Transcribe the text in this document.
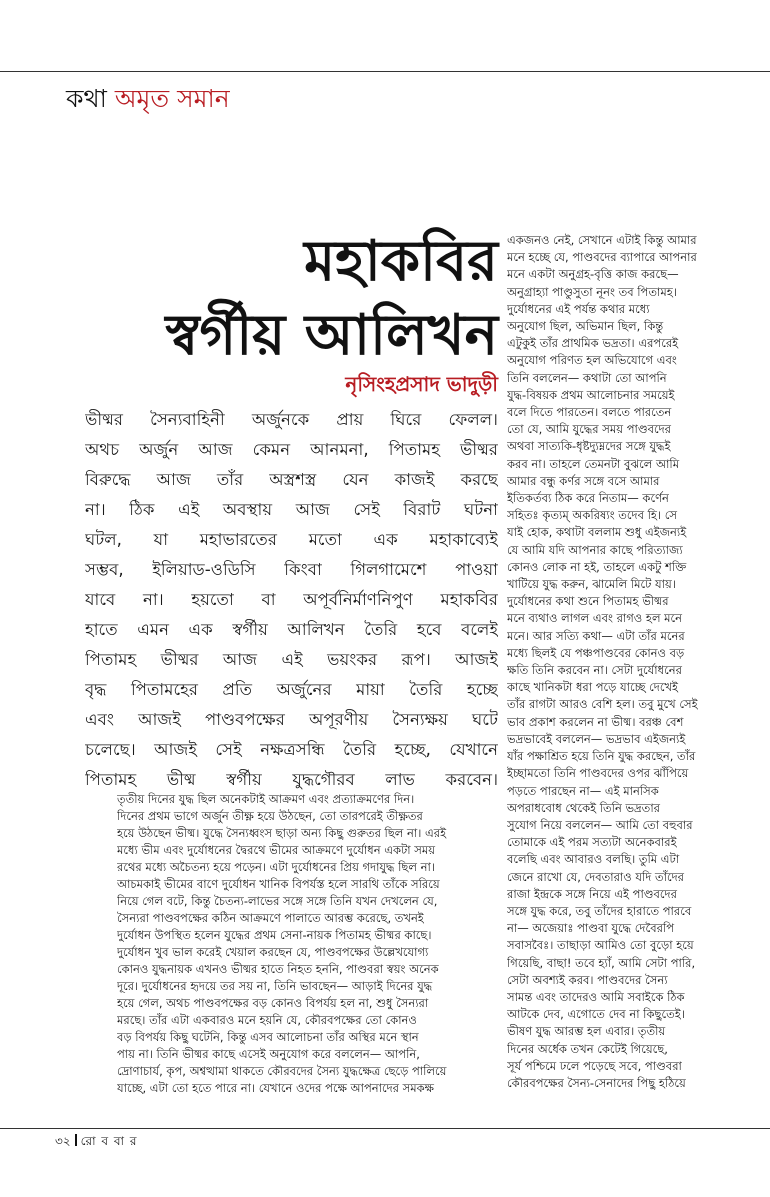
কথা অমৃত সমান
মহাকবির
স্বর্গীয় আলিখন
নৃসিংহপ্রসাদ ভাদুড়ী
ভীষ্মর সৈন্যবাহিনী অর্জুনকে প্রায় ঘিরে ফেলল।
অথচ অর্জুন আজ কেমন আনমনা, পিতামহ ভীষ্মর
বিরুদ্ধে আজ তাঁর অস্ত্রশস্ত্র যেন কাজই করছে
না। ঠিক এই অবস্থায় আজ সেই বিরাট ঘটনা
ঘটল, যা মহাভারতের মতো এক মহাকাব্যেই
সম্ভব, ইলিয়াড-ওডিসি কিংবা গিলগামেশে পাওয়া
যাবে না। হয়তো বা অপূর্বনির্মাণনিপুণ মহাকবির
হাতে এমন এক স্বর্গীয় আলিখন তৈরি হবে বলেই
পিতামহ ভীষ্মর আজ এই ভয়ংকর রূপ। আজই
বৃদ্ধ পিতামহের প্রতি অর্জুনের মায়া তৈরি হচ্ছে
এবং আজই পাণ্ডবপক্ষের অপূরণীয় সৈন্যক্ষয় ঘটে
চলেছে। আজই সেই নক্ষত্রসন্ধি তৈরি হচ্ছে, যেখানে
পিতামহ ভীষ্ম স্বর্গীয় যুদ্ধগৌরব লাভ করবেন।
তৃতীয় দিনের যুদ্ধ ছিল অনেকটাই আক্রমণ এবং প্রত্যাক্রমণের দিন।
দিনের প্রথম ভাগে অর্জুন তীক্ষ্ণ হয়ে উঠছেন, তো তারপরেই তীক্ষ্ণতর
হয়ে উঠছেন ভীষ্ম। যুদ্ধে সৈন্যধ্বংস ছাড়া অন্য কিছু গুরুতর ছিল না। এরই
মধ্যে ভীম এবং দুর্যোধনের দ্বৈরথে ভীমের আক্রমণে দুর্যোধন একটা সময়
রথের মধ্যে অচৈতন্য হয়ে পড়েন। এটা দুর্যোধনের প্রিয় গদাযুদ্ধ ছিল না।
আচমকাই ভীমের বাণে দুর্যোধন খানিক বিপর্যস্ত হলে সারথি তাঁকে সরিয়ে
নিয়ে গেল বটে, কিন্তু চৈতন্য-লাভের সঙ্গে সঙ্গে তিনি যখন দেখলেন যে,
সৈন্যরা পাণ্ডবপক্ষের কঠিন আক্রমণে পালাতে আরম্ভ করেছে, তখনই
দুর্যোধন উপস্থিত হলেন যুদ্ধের প্রথম সেনা-নায়ক পিতামহ ভীষ্মর কাছে।
দুর্যোধন খুব ভাল করেই খেয়াল করছেন যে, পাণ্ডবপক্ষের উল্লেখযোগ্য
কোনও যুদ্ধনায়ক এখনও ভীষ্মর হাতে নিহত হননি, পাণ্ডবরা স্বয়ং অনেক
দূরে। দুর্যোধনের হৃদয়ে তর সয় না, তিনি ভাবছেন— আড়াই দিনের যুদ্ধ
হয়ে গেল, অথচ পাণ্ডবপক্ষের বড় কোনও বিপর্যয় হল না, শুধু সৈন্যরা
মরছে। তাঁর এটা একবারও মনে হয়নি যে, কৌরবপক্ষের তো কোনও
বড় বিপর্যয় কিছু ঘটেনি, কিন্তু এসব আলোচনা তাঁর অস্থির মনে স্থান
পায় না। তিনি ভীষ্মর কাছে এসেই অনুযোগ করে বললেন— আপনি,
দ্রোণাচার্য, কৃপ, অশ্বত্থামা থাকতে কৌরবদের সৈন্য যুদ্ধক্ষেত্র ছেড়ে পালিয়ে
যাচ্ছে, এটা তো হতে পারে না। যেখানে ওদের পক্ষে আপনাদের সমকক্ষ
একজনও নেই, সেখানে এটাই কিন্তু আমার
মনে হচ্ছে যে, পাণ্ডবদের ব্যাপারে আপনার
মনে একটা অনুগ্রহ-বৃত্তি কাজ করছে—
অনুগ্রাহ্যা পাণ্ডুসুতা নূনং তব পিতামহ।
দুর্যোধনের এই পর্যন্ত কথার মধ্যে
অনুযোগ ছিল, অভিমান ছিল, কিন্তু
এটুকুই তাঁর প্রাথমিক ভদ্রতা। এরপরেই
অনুযোগ পরিণত হল অভিযোগে এবং
তিনি বললেন— কথাটা তো আপনি
যুদ্ধ-বিষয়ক প্রথম আলোচনার সময়েই
বলে দিতে পারতেন। বলতে পারতেন
তো যে, আমি যুদ্ধের সময় পাণ্ডবদের
অথবা সাত্যকি-ধৃষ্টদ্যুম্নদের সঙ্গে যুদ্ধই
করব না। তাহলে তেমনটা বুঝলে আমি
আমার বন্ধু কর্ণর সঙ্গে বসে আমার
ইতিকর্তব্য ঠিক করে নিতাম— কর্ণেন
সহিতঃ কৃত্যম্ অকরিষ্যং তদেব হি। সে
যাই হোক, কথাটা বললাম শুধু এইজন্যই
যে আমি যদি আপনার কাছে পরিত্যাজ্য
কোনও লোক না হই, তাহলে একটু শক্তি
খাটিয়ে যুদ্ধ করুন, ঝামেলি মিটে যায়।
দুর্যোধনের কথা শুনে পিতামহ ভীষ্মর
মনে ব্যথাও লাগল এবং রাগও হল মনে
মনে। আর সত্যি কথা— এটা তাঁর মনের
মধ্যে ছিলই যে পঞ্চপাণ্ডবের কোনও বড়
ক্ষতি তিনি করবেন না। সেটা দুর্যোধনের
কাছে খানিকটা ধরা পড়ে যাচ্ছে দেখেই
তাঁর রাগটা আরও বেশি হল। তবু মুখে সেই
ভাব প্রকাশ করলেন না ভীষ্ম। বরঞ্চ বেশ
ভদ্রভাবেই বললেন— ভদ্রভাব এইজন্যই
যাঁর পক্ষাশ্রিত হয়ে তিনি যুদ্ধ করছেন, তাঁর
ইচ্ছামতো তিনি পাণ্ডবদের ওপর ঝাঁপিয়ে
পড়তে পারছেন না— এই মানসিক
অপরাধবোধ থেকেই তিনি ভদ্রতার
সুযোগ নিয়ে বললেন— আমি তো বহুবার
তোমাকে এই পরম সত্যটা অনেকবারই
বলেছি এবং আবারও বলছি। তুমি এটা
জেনে রাখো যে, দেবতারাও যদি তাঁদের
রাজা ইন্দ্রকে সঙ্গে নিয়ে এই পাণ্ডবদের
সঙ্গে যুদ্ধ করে, তবু তাঁদের হারাতে পারবে
না— অজেয়াঃ পাণ্ডবা যুদ্ধে দেবৈরপি
সবাসবৈঃ। তাছাড়া আমিও তো বুড়ো হয়ে
গিয়েছি, বাছা! তবে হ্যাঁ, আমি সেটা পারি,
সেটা অবশ্যই করব। পাণ্ডবদের সৈন্য
সামন্ত এবং তাদেরও আমি সবাইকে ঠিক
আটকে দেব, এগোতে দেব না কিছুতেই।
ভীষণ যুদ্ধ আরম্ভ হল এবার। তৃতীয়
দিনের অর্ধেক তখন কেটেই গিয়েছে,
সূর্য পশ্চিমে ঢলে পড়েছে সবে, পাণ্ডবরা
কৌরবপক্ষের সৈন্য-সেনাদের পিছু হঠিয়ে
৩২ রো ব বা র
